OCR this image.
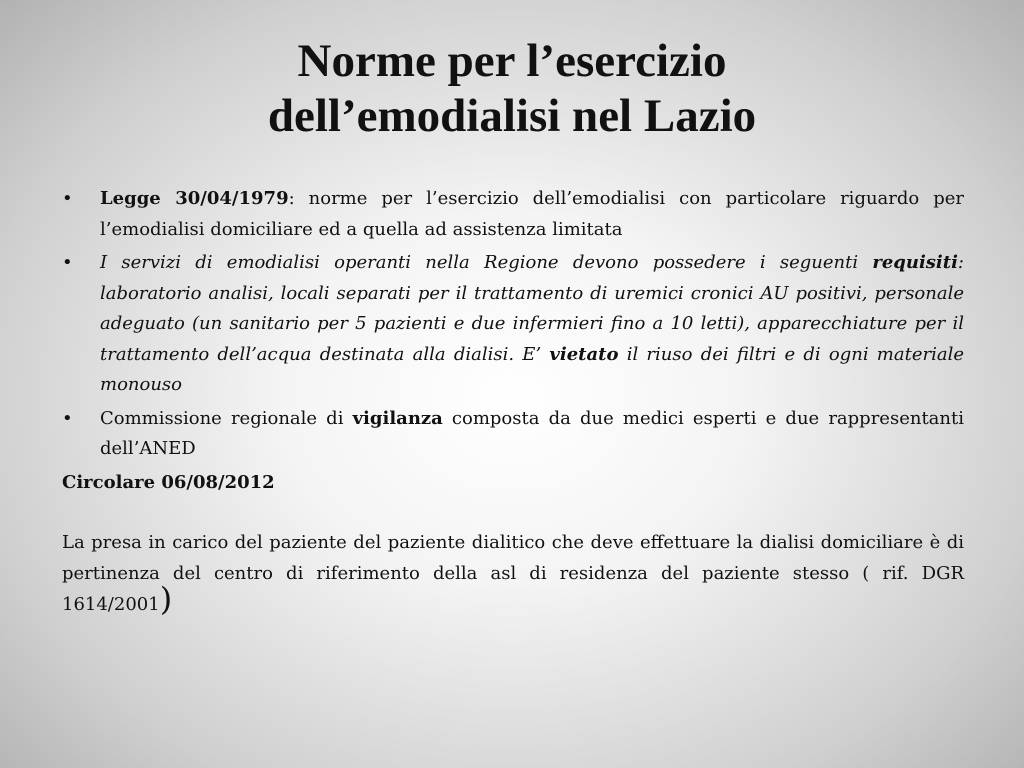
Norme per l’esercizio
dell’emodialisi nel Lazio
• Legge 30/04/1979: norme per l’esercizio dell’emodialisi con particolare riguardo per l’emodialisi domiciliare ed a quella ad assistenza limitata
• I servizi di emodialisi operanti nella Regione devono possedere i seguenti requisiti: laboratorio analisi, locali separati per il trattamento di uremici cronici AU positivi, personale adeguato (un sanitario per 5 pazienti e due infermieri fino a 10 letti), apparecchiature per il trattamento dell’acqua destinata alla dialisi. E’ vietato il riuso dei filtri e di ogni materiale monouso
• Commissione regionale di vigilanza composta da due medici esperti e due rappresentanti dell’ANED

Circolare 06/08/2012

La presa in carico del paziente del paziente dialitico che deve effettuare la dialisi domiciliare è di pertinenza del centro di riferimento della asl di residenza del paziente stesso ( rif. DGR 1614/2001)
